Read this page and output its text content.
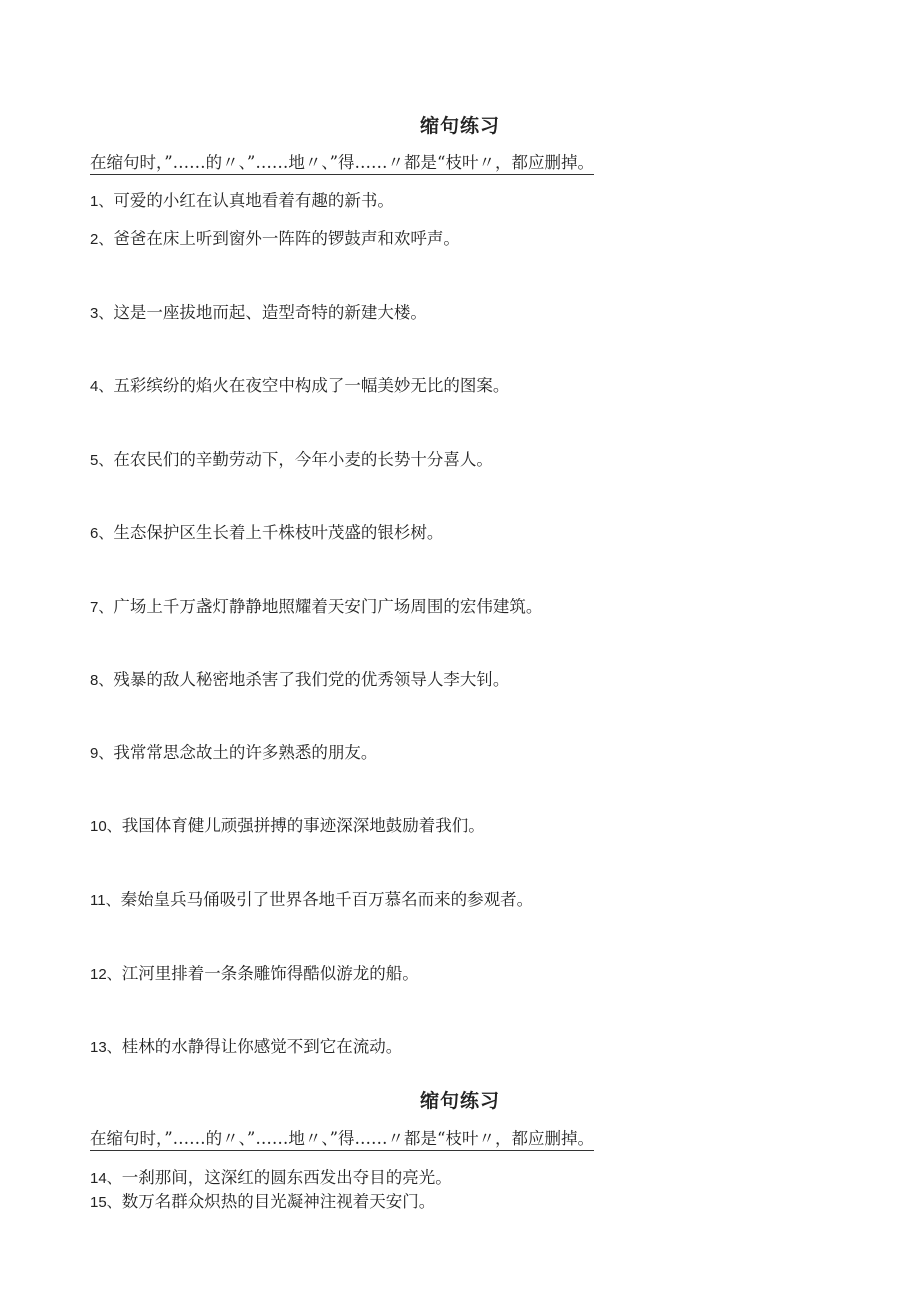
缩句练习
在缩句时，”……的〃、”……地〃、”得……〃都是“枝叶〃，都应删掉。
1、可爱的小红在认真地看着有趣的新书。
2、爸爸在床上听到窗外一阵阵的锣鼓声和欢呼声。
3、这是一座拔地而起、造型奇特的新建大楼。
4、五彩缤纷的焰火在夜空中构成了一幅美妙无比的图案。
5、在农民们的辛勤劳动下，今年小麦的长势十分喜人。
6、生态保护区生长着上千株枝叶茂盛的银杉树。
7、广场上千万盏灯静静地照耀着天安门广场周围的宏伟建筑。
8、残暴的敌人秘密地杀害了我们党的优秀领导人李大钊。
9、我常常思念故土的许多熟悉的朋友。
10、我国体育健儿顽强拼搏的事迹深深地鼓励着我们。
11、秦始皇兵马俑吸引了世界各地千百万慕名而来的参观者。
12、江河里排着一条条雕饰得酷似游龙的船。
13、桂林的水静得让你感觉不到它在流动。
缩句练习
在缩句时，”……的〃、”……地〃、”得……〃都是“枝叶〃，都应删掉。
14、一刹那间，这深红的圆东西发出夺目的亮光。
15、数万名群众炽热的目光凝神注视着天安门。
